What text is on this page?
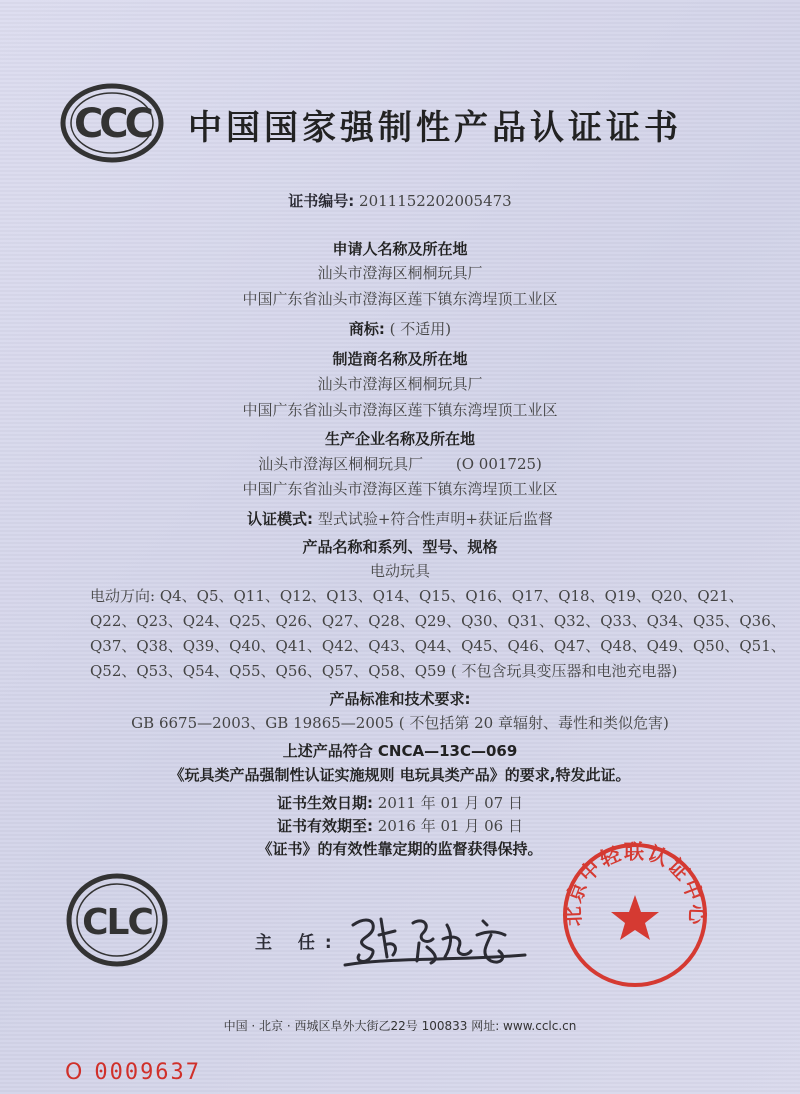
CCC	中国国家强制性产品认证证书
证书编号: 2011152202005473
申请人名称及所在地
汕头市澄海区桐桐玩具厂
中国广东省汕头市澄海区莲下镇东湾埕顶工业区
商标: ( 不适用)
制造商名称及所在地
汕头市澄海区桐桐玩具厂
中国广东省汕头市澄海区莲下镇东湾埕顶工业区
生产企业名称及所在地
汕头市澄海区桐桐玩具厂 (O 001725)
中国广东省汕头市澄海区莲下镇东湾埕顶工业区
认证模式: 型式试验+符合性声明+获证后监督
产品名称和系列、型号、规格
电动玩具
电动万向: Q4、Q5、Q11、Q12、Q13、Q14、Q15、Q16、Q17、Q18、Q19、Q20、Q21、
Q22、Q23、Q24、Q25、Q26、Q27、Q28、Q29、Q30、Q31、Q32、Q33、Q34、Q35、Q36、
Q37、Q38、Q39、Q40、Q41、Q42、Q43、Q44、Q45、Q46、Q47、Q48、Q49、Q50、Q51、
Q52、Q53、Q54、Q55、Q56、Q57、Q58、Q59 ( 不包含玩具变压器和电池充电器)
产品标准和技术要求:
GB 6675—2003、GB 19865—2005 ( 不包括第 20 章辐射、毒性和类似危害)
上述产品符合 CNCA—13C—069
《玩具类产品强制性认证实施规则 电玩具类产品》的要求,特发此证。
证书生效日期: 2011 年 01 月 07 日
证书有效期至: 2016 年 01 月 06 日
《证书》的有效性靠定期的监督获得保持。
CLC	主 任:
北京中轻联认证中心
中国 · 北京 · 西城区阜外大街乙22号 100833 网址: www.cclc.cn
O 0009637
